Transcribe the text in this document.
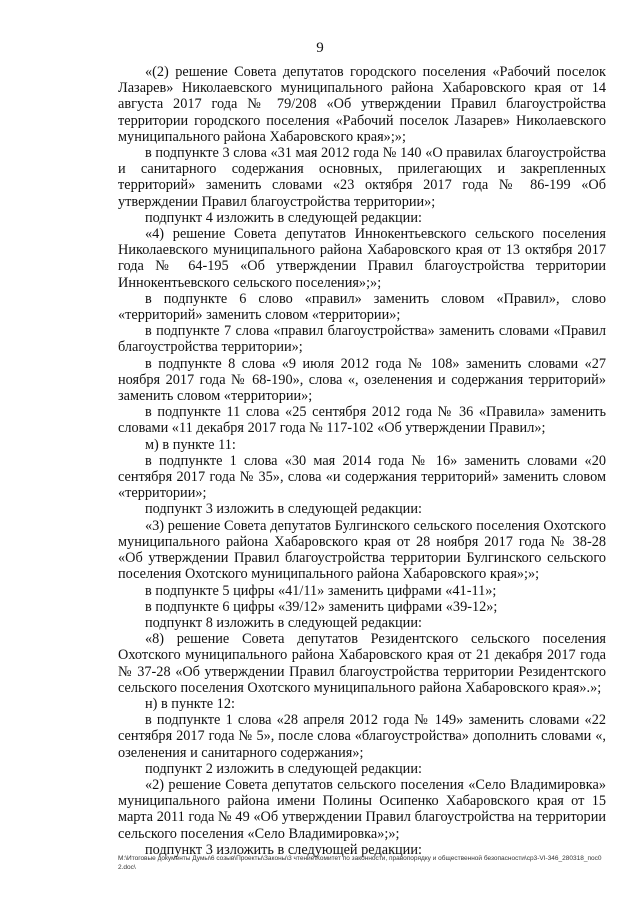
9

«(2) решение Совета депутатов городского поселения «Рабочий поселок Лазарев» Николаевского муниципального района Хабаровского края от 14 августа 2017 года № 79/208 «Об утверждении Правил благоустройства территории городского поселения «Рабочий поселок Лазарев» Николаевского муниципального района Хабаровского края»;»;

в подпункте 3 слова «31 мая 2012 года № 140 «О правилах благоустройства и санитарного содержания основных, прилегающих и закрепленных территорий» заменить словами «23 октября 2017 года № 86-199 «Об утверждении Правил благоустройства территории»;

подпункт 4 изложить в следующей редакции:

«4) решение Совета депутатов Иннокентьевского сельского поселения Николаевского муниципального района Хабаровского края от 13 октября 2017 года № 64-195 «Об утверждении Правил благоустройства территории Иннокентьевского сельского поселения»;»;

в подпункте 6 слово «правил» заменить словом «Правил», слово «территорий» заменить словом «территории»;

в подпункте 7 слова «правил благоустройства» заменить словами «Правил благоустройства территории»;

в подпункте 8 слова «9 июля 2012 года № 108» заменить словами «27 ноября 2017 года № 68-190», слова «, озеленения и содержания территорий» заменить словом «территории»;

в подпункте 11 слова «25 сентября 2012 года № 36 «Правила» заменить словами «11 декабря 2017 года № 117-102 «Об утверждении Правил»;

м) в пункте 11:

в подпункте 1 слова «30 мая 2014 года № 16» заменить словами «20 сентября 2017 года № 35», слова «и содержания территорий» заменить словом «территории»;

подпункт 3 изложить в следующей редакции:

«3) решение Совета депутатов Булгинского сельского поселения Охотского муниципального района Хабаровского края от 28 ноября 2017 года № 38-28 «Об утверждении Правил благоустройства территории Булгинского сельского поселения Охотского муниципального района Хабаровского края»;»;

в подпункте 5 цифры «41/11» заменить цифрами «41-11»;

в подпункте 6 цифры «39/12» заменить цифрами «39-12»;

подпункт 8 изложить в следующей редакции:

«8) решение Совета депутатов Резидентского сельского поселения Охотского муниципального района Хабаровского края от 21 декабря 2017 года № 37-28 «Об утверждении Правил благоустройства территории Резидентского сельского поселения Охотского муниципального района Хабаровского края».»;

н) в пункте 12:

в подпункте 1 слова «28 апреля 2012 года № 149» заменить словами «22 сентября 2017 года № 5», после слова «благоустройства» дополнить словами «, озеленения и санитарного содержания»;

подпункт 2 изложить в следующей редакции:

«2) решение Совета депутатов сельского поселения «Село Владимировка» муниципального района имени Полины Осипенко Хабаровского края от 15 марта 2011 года № 49 «Об утверждении Правил благоустройства на территории сельского поселения «Село Владимировка»;»;

подпункт 3 изложить в следующей редакции:

M:\Итоговые документы Думы\6 созыв\Проекты\Законы\3 чтение\Комитет по законности, правопорядку и общественной безопасности\ср3-VI-346_280318_пос02.doc\
